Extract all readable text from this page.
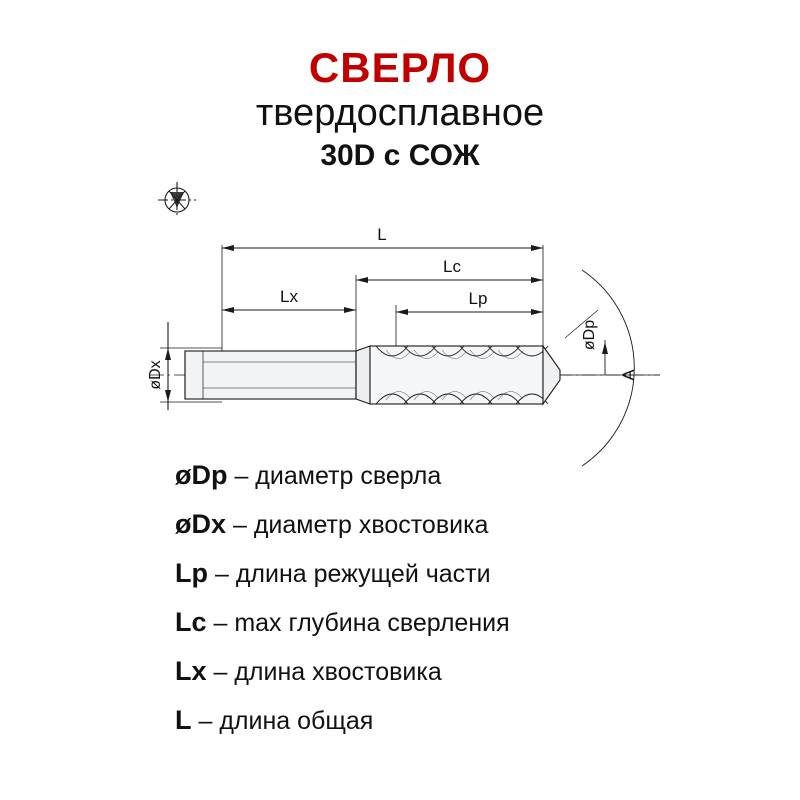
СВЕРЛО
твердосплавное
30D с СОЖ
L
Lc
Lx	Lp
øDx	A
øDp
øDp – диаметр сверла
øDx – диаметр хвостовика
Lp – длина режущей части
Lc – max глубина сверления
Lx – длина хвостовика
L – длина общая
